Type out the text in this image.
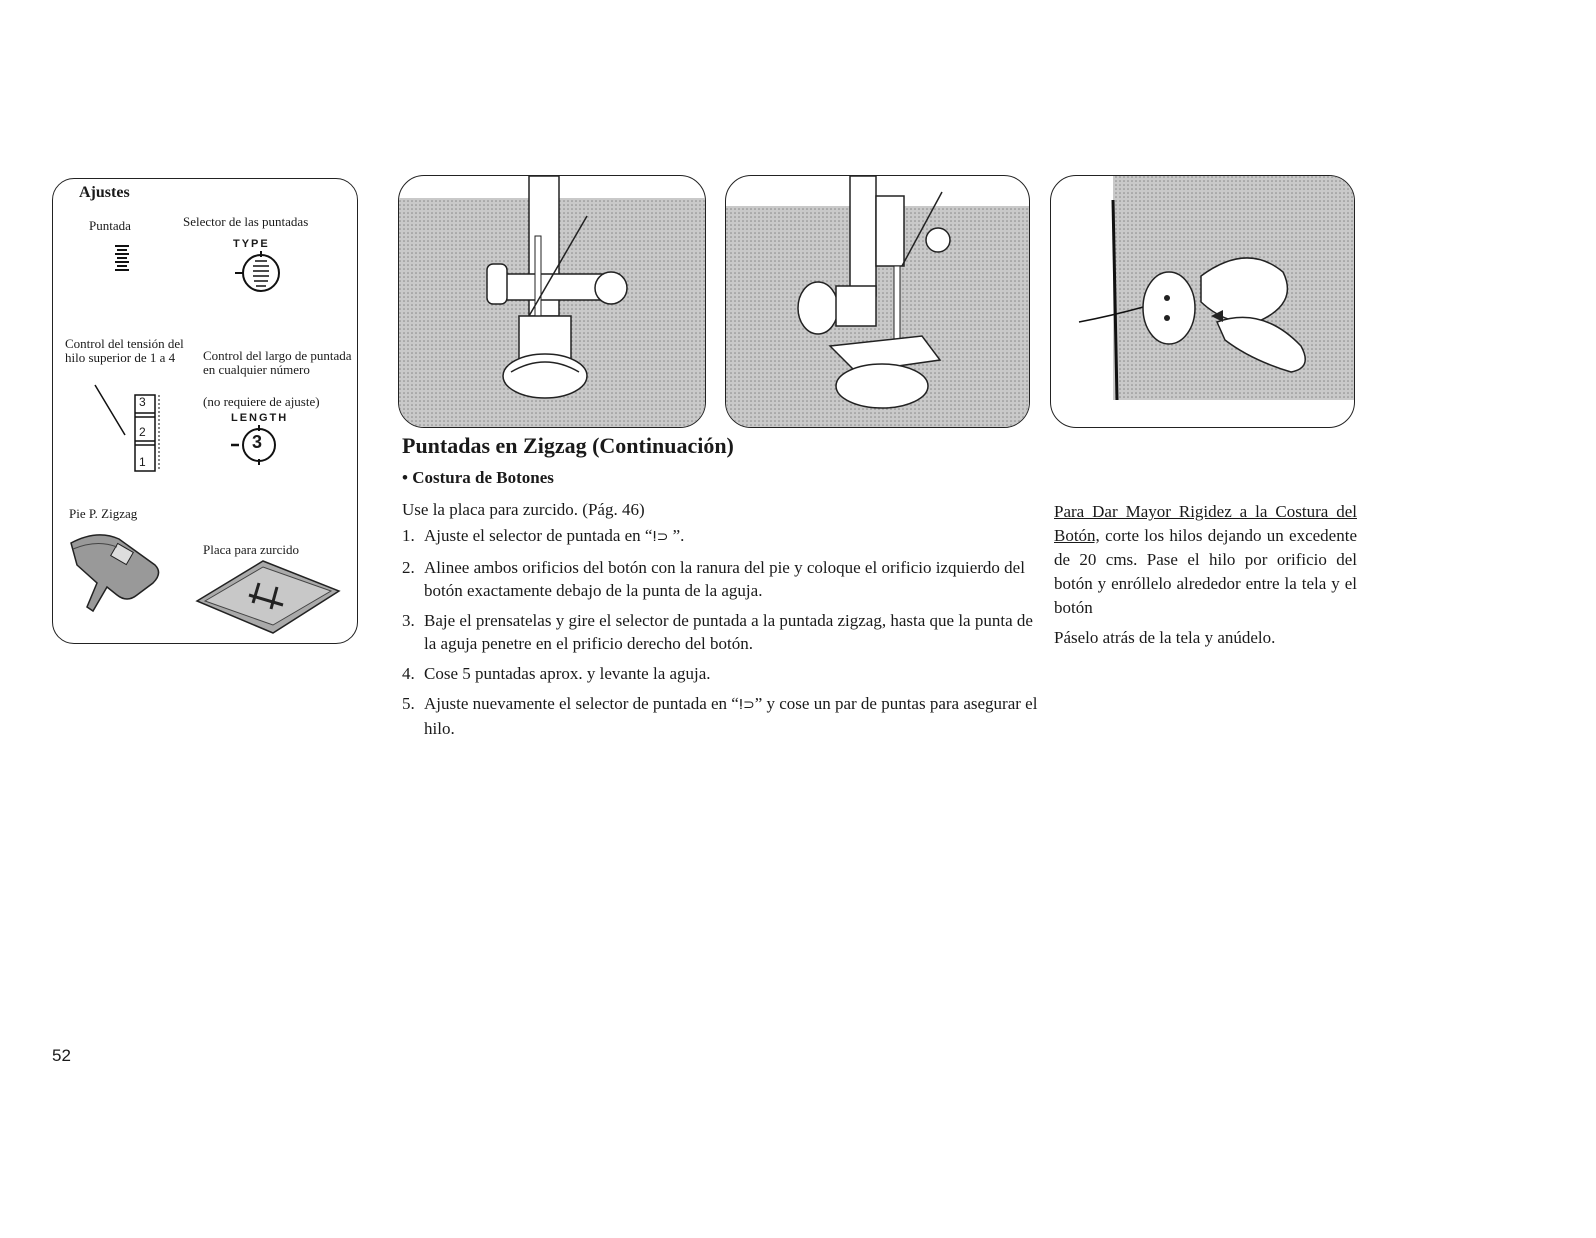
Ajustes
Puntada	Selector de las puntadas
TYPE
Control del tensión del hilo superior de 1 a 4	Control del largo de puntada en cualquier número
(no requiere de ajuste)
LENGTH
3
2
1
3
Pie P. Zigzag
Placa para zurcido
Puntadas en Zigzag (Continuación)
• Costura de Botones
Use la placa para zurcido. (Pág. 46)
1. Ajuste el selector de puntada en “ⵑ⊃ ”.
2. Alinee ambos orificios del botón con la ranura del pie y coloque el orificio izquierdo del botón exactamente debajo de la punta de la aguja.
3. Baje el prensatelas y gire el selector de puntada a la puntada zigzag, hasta que la punta de la aguja penetre en el prificio derecho del botón.
4. Cose 5 puntadas aprox. y levante la aguja.
5. Ajuste nuevamente el selector de puntada en “ⵑ⊃” y cose un par de puntas para asegurar el hilo.

Para Dar Mayor Rigidez a la Costura del Botón, corte los hilos dejando un excedente de 20 cms. Pase el hilo por orificio del botón y enróllelo alrededor entre la tela y el botón

Páselo atrás de la tela y anúdelo.

52
